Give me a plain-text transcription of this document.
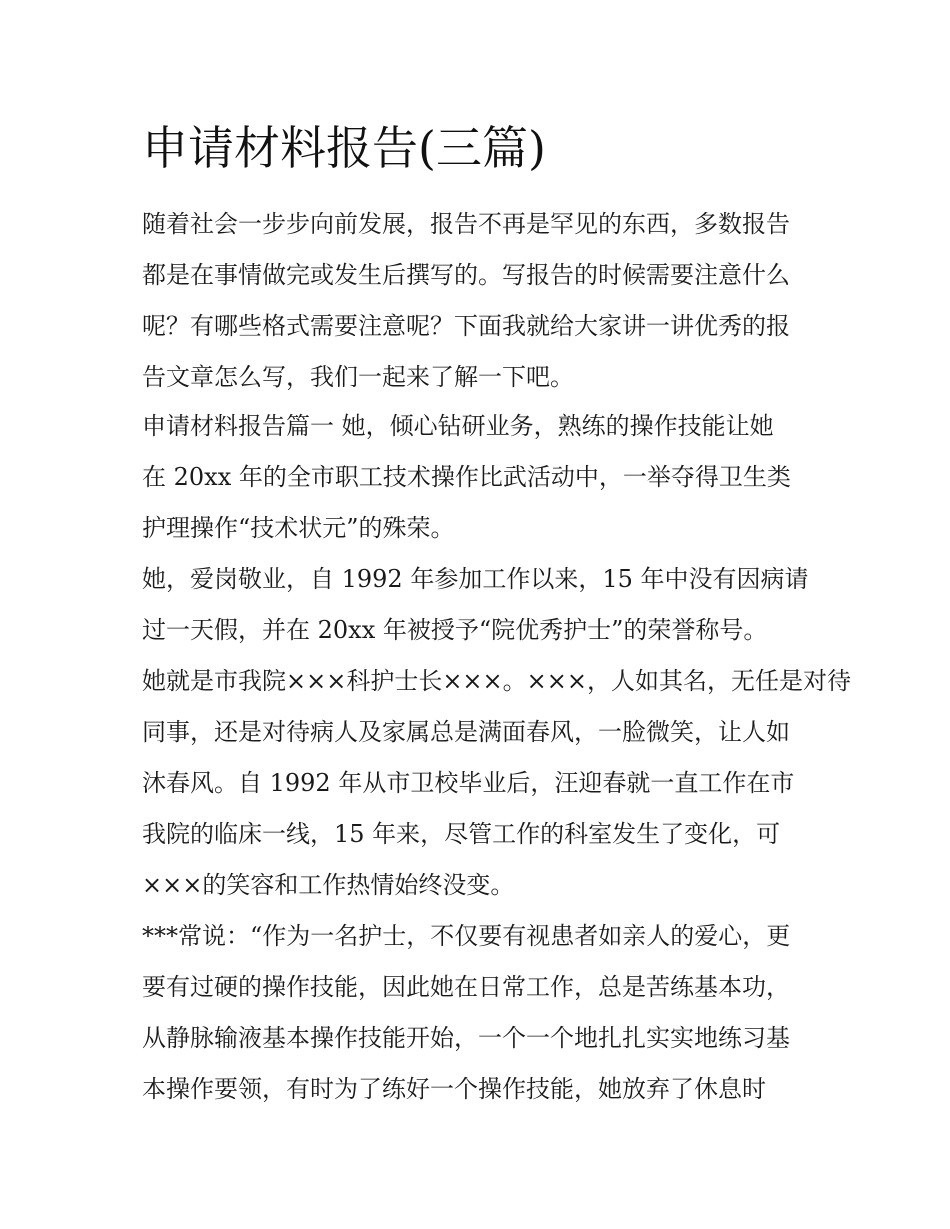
申请材料报告(三篇)

随着社会一步步向前发展，报告不再是罕见的东西，多数报告

都是在事情做完或发生后撰写的。写报告的时候需要注意什么

呢？有哪些格式需要注意呢？下面我就给大家讲一讲优秀的报

告文章怎么写，我们一起来了解一下吧。

申请材料报告篇一 她，倾心钻研业务，熟练的操作技能让她

在 20xx 年的全市职工技术操作比武活动中，一举夺得卫生类

护理操作“技术状元”的殊荣。

她，爱岗敬业，自 1992 年参加工作以来，15 年中没有因病请

过一天假，并在 20xx 年被授予“院优秀护士”的荣誉称号。

她就是市我院×××科护士长×××。×××，人如其名，无任是对待

同事，还是对待病人及家属总是满面春风，一脸微笑，让人如

沐春风。自 1992 年从市卫校毕业后，汪迎春就一直工作在市

我院的临床一线，15 年来，尽管工作的科室发生了变化，可

×××的笑容和工作热情始终没变。

***常说：“作为一名护士，不仅要有视患者如亲人的爱心，更

要有过硬的操作技能，因此她在日常工作，总是苦练基本功，

从静脉输液基本操作技能开始，一个一个地扎扎实实地练习基

本操作要领，有时为了练好一个操作技能，她放弃了休息时
